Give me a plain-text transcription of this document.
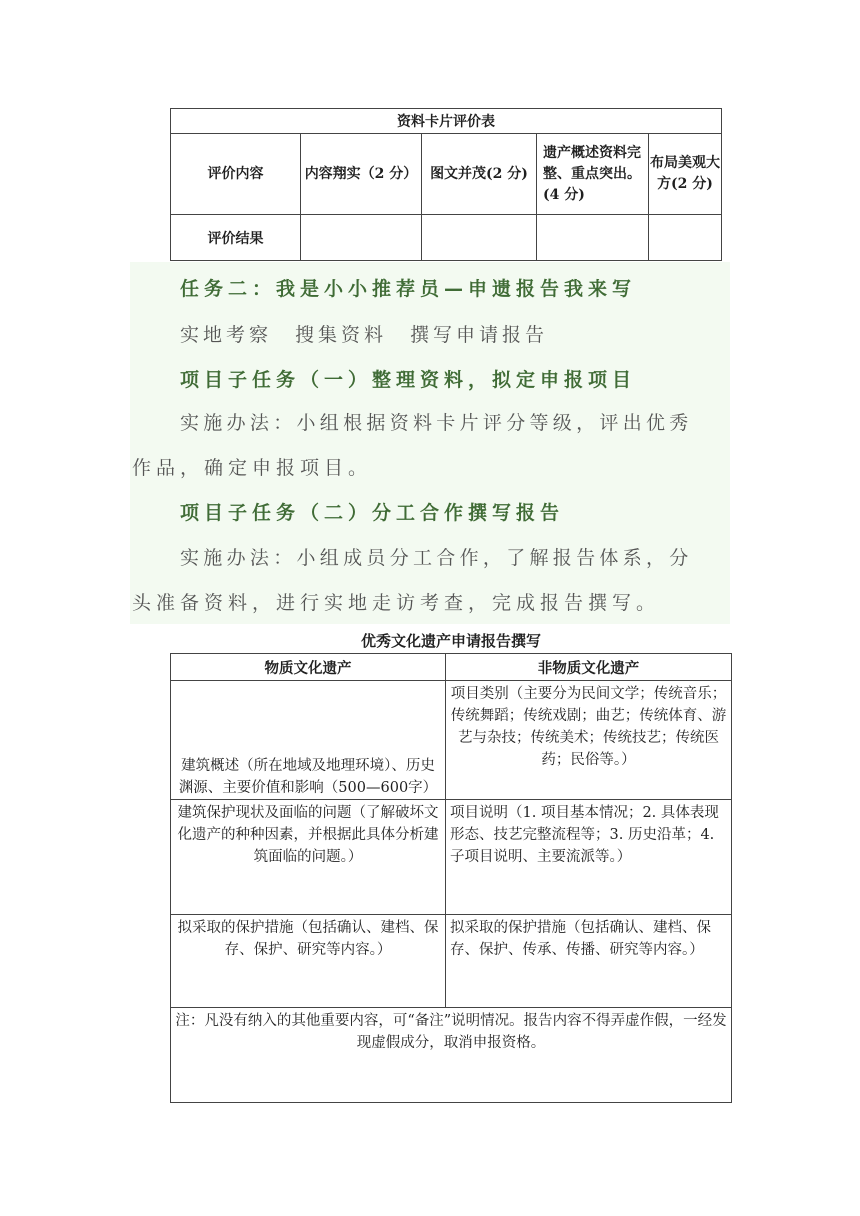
资料卡片评价表				
评价内容	内容翔实（2 分）	图文并茂(2 分)	遗产概述资料完整、重点突出。(4 分)	布局美观大方(2 分)
评价结果				
任务二：我是小小推荐员—申遗报告我来写
实地考察　搜集资料　撰写申请报告
项目子任务（一）整理资料，拟定申报项目
实施办法：小组根据资料卡片评分等级，评出优秀
作品，确定申报项目。
项目子任务（二）分工合作撰写报告
实施办法：小组成员分工合作，了解报告体系，分
头准备资料，进行实地走访考查，完成报告撰写。
优秀文化遗产申请报告撰写
物质文化遗产	非物质文化遗产
建筑概述（所在地域及地理环境）、历史渊源、主要价值和影响（500—600字）	项目类别（主要分为民间文学；传统音乐；传统舞蹈；传统戏剧；曲艺；传统体育、游艺与杂技；传统美术；传统技艺；传统医药；民俗等。）
建筑保护现状及面临的问题（了解破坏文化遗产的种种因素，并根据此具体分析建筑面临的问题。）	项目说明（1. 项目基本情况；2. 具体表现形态、技艺完整流程等；3. 历史沿革；4.子项目说明、主要流派等。）
拟采取的保护措施（包括确认、建档、保存、保护、研究等内容。）	拟采取的保护措施（包括确认、建档、保存、保护、传承、传播、研究等内容。）
注：凡没有纳入的其他重要内容，可“备注”说明情况。报告内容不得弄虚作假，一经发现虚假成分，取消申报资格。	
